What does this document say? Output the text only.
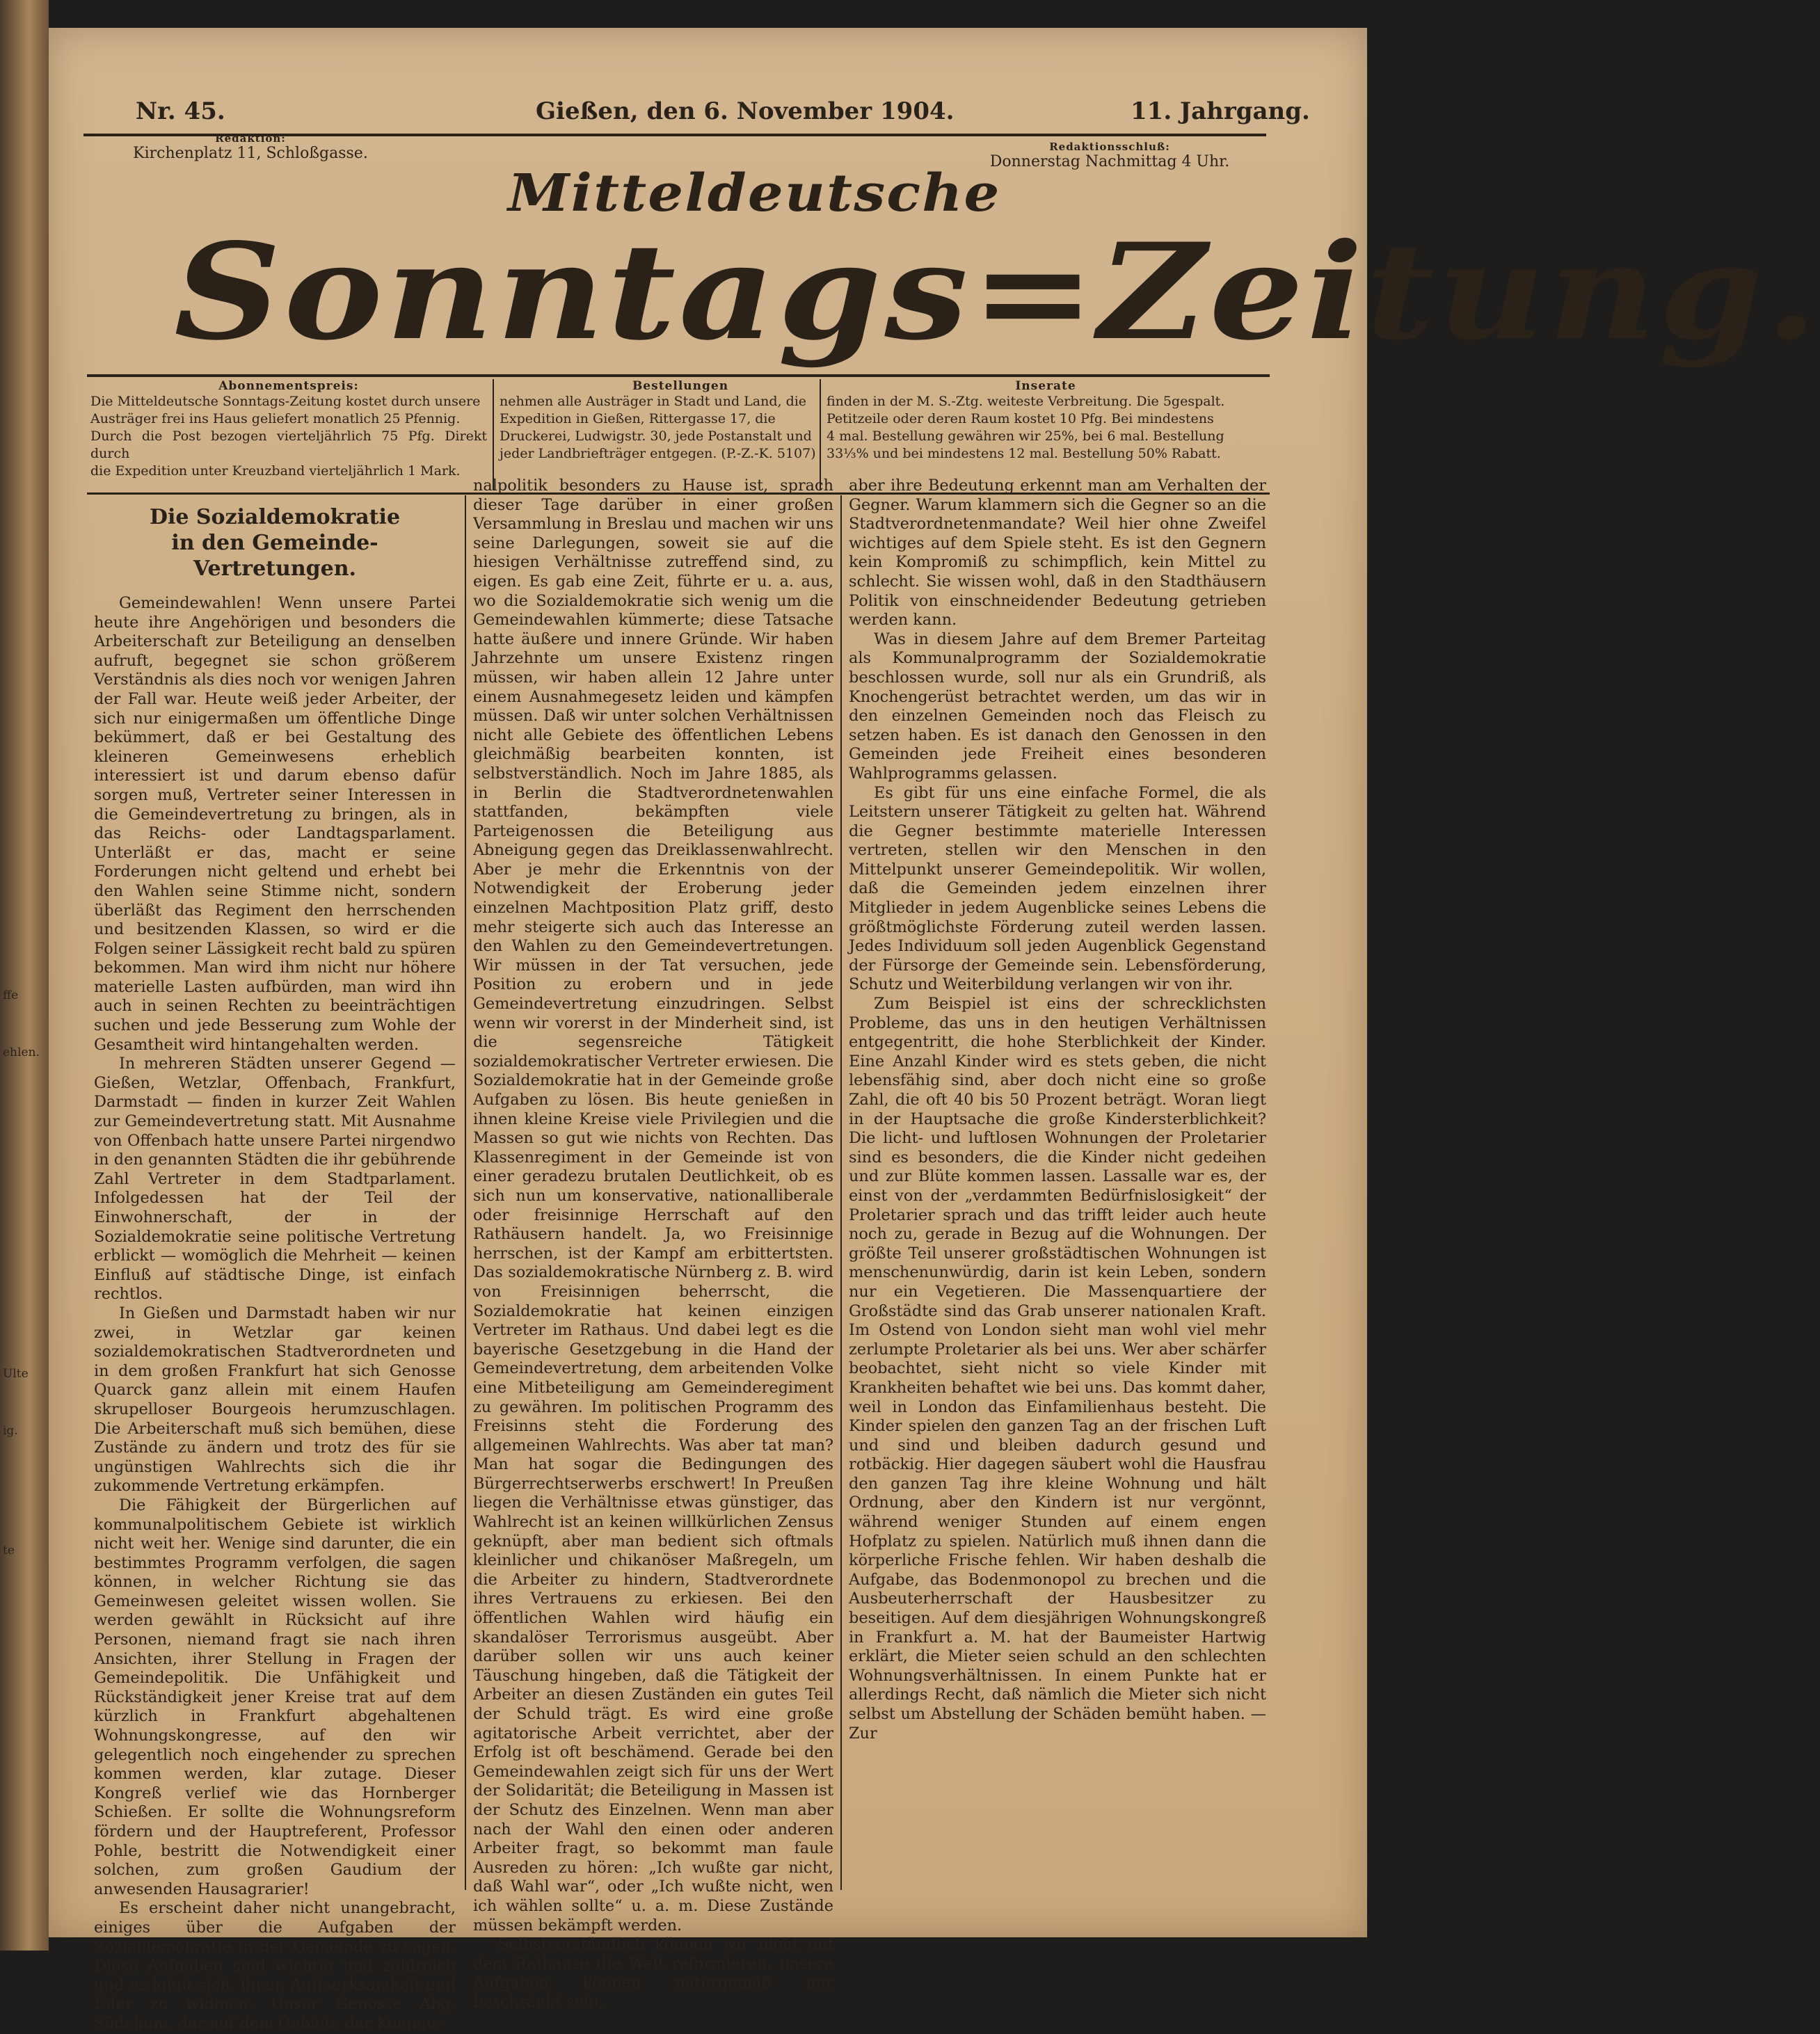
ffe
ehlen.
Ulte
ig.
te
Nr. 45.	Gießen, den 6. November 1904.	11. Jahrgang.
Redaktion:
Kirchenplatz 11, Schloßgasse.	Redaktionsschluß:
Donnerstag Nachmittag 4 Uhr.
Mitteldeutsche
Sonntags=Zeitung.
Abonnementspreis:
Die Mitteldeutsche Sonntags-Zeitung kostet durch unsere
Austräger frei ins Haus geliefert monatlich 25 Pfennig.
Durch die Post bezogen vierteljährlich 75 Pfg. Direkt durch
die Expedition unter Kreuzband vierteljährlich 1 Mark.
Bestellungen
nehmen alle Austräger in Stadt und Land, die
Expedition in Gießen, Rittergasse 17, die
Druckerei, Ludwigstr. 30, jede Postanstalt und
jeder Landbriefträger entgegen. (P.-Z.-K. 5107)
Inserate
finden in der M. S.-Ztg. weiteste Verbreitung. Die 5gespalt.
Petitzeile oder deren Raum kostet 10 Pfg. Bei mindestens
4 mal. Bestellung gewähren wir 25%, bei 6 mal. Bestellung
33⅓% und bei mindestens 12 mal. Bestellung 50% Rabatt.
Die Sozialdemokratie
in den Gemeinde-Vertretungen.

Gemeindewahlen! Wenn unsere Partei heute ihre Angehörigen und besonders die Arbeiterschaft zur Beteiligung an denselben aufruft, begegnet sie schon größerem Verständnis als dies noch vor wenigen Jahren der Fall war. Heute weiß jeder Arbeiter, der sich nur einigermaßen um öffentliche Dinge bekümmert, daß er bei Gestaltung des kleineren Gemeinwesens erheblich interessiert ist und darum ebenso dafür sorgen muß, Vertreter seiner Interessen in die Gemeindevertretung zu bringen, als in das Reichs- oder Landtagsparlament. Unterläßt er das, macht er seine Forderungen nicht geltend und erhebt bei den Wahlen seine Stimme nicht, sondern überläßt das Regiment den herrschenden und besitzenden Klassen, so wird er die Folgen seiner Lässigkeit recht bald zu spüren bekommen. Man wird ihm nicht nur höhere materielle Lasten aufbürden, man wird ihn auch in seinen Rechten zu beeinträchtigen suchen und jede Besserung zum Wohle der Gesamtheit wird hintangehalten werden.

In mehreren Städten unserer Gegend — Gießen, Wetzlar, Offenbach, Frankfurt, Darmstadt — finden in kurzer Zeit Wahlen zur Gemeindevertretung statt. Mit Ausnahme von Offenbach hatte unsere Partei nirgendwo in den genannten Städten die ihr gebührende Zahl Vertreter in dem Stadtparlament. Infolgedessen hat der Teil der Einwohnerschaft, der in der Sozialdemokratie seine politische Vertretung erblickt — womöglich die Mehrheit — keinen Einfluß auf städtische Dinge, ist einfach rechtlos.

In Gießen und Darmstadt haben wir nur zwei, in Wetzlar gar keinen sozialdemokratischen Stadtverordneten und in dem großen Frankfurt hat sich Genosse Quarck ganz allein mit einem Haufen skrupelloser Bourgeois herumzuschlagen. Die Arbeiterschaft muß sich bemühen, diese Zustände zu ändern und trotz des für sie ungünstigen Wahlrechts sich die ihr zukommende Vertretung erkämpfen.

Die Fähigkeit der Bürgerlichen auf kommunalpolitischem Gebiete ist wirklich nicht weit her. Wenige sind darunter, die ein bestimmtes Programm verfolgen, die sagen können, in welcher Richtung sie das Gemeinwesen geleitet wissen wollen. Sie werden gewählt in Rücksicht auf ihre Personen, niemand fragt sie nach ihren Ansichten, ihrer Stellung in Fragen der Gemeindepolitik. Die Unfähigkeit und Rückständigkeit jener Kreise trat auf dem kürzlich in Frankfurt abgehaltenen Wohnungskongresse, auf den wir gelegentlich noch eingehender zu sprechen kommen werden, klar zutage. Dieser Kongreß verlief wie das Hornberger Schießen. Er sollte die Wohnungsreform fördern und der Hauptreferent, Professor Pohle, bestritt die Notwendigkeit einer solchen, zum großen Gaudium der anwesenden Hausagrarier!

Es erscheint daher nicht unangebracht, einiges über die Aufgaben der Sozialdemokratie in der Gemeinde zu sagen. Diese Aufgaben sind wichtig und zahlreich und es lohnt sich, ihnen Aufmerksamkeit und Eifer zu widmen. Unser Genosse Abg. Südekum, der auf dem Gebiete der Kommu-

nalpolitik besonders zu Hause ist, sprach dieser Tage darüber in einer großen Versammlung in Breslau und machen wir uns seine Darlegungen, soweit sie auf die hiesigen Verhältnisse zutreffend sind, zu eigen. Es gab eine Zeit, führte er u. a. aus, wo die Sozialdemokratie sich wenig um die Gemeindewahlen kümmerte; diese Tatsache hatte äußere und innere Gründe. Wir haben Jahrzehnte um unsere Existenz ringen müssen, wir haben allein 12 Jahre unter einem Ausnahmegesetz leiden und kämpfen müssen. Daß wir unter solchen Verhältnissen nicht alle Gebiete des öffentlichen Lebens gleichmäßig bearbeiten konnten, ist selbstverständlich. Noch im Jahre 1885, als in Berlin die Stadtverordnetenwahlen stattfanden, bekämpften viele Parteigenossen die Beteiligung aus Abneigung gegen das Dreiklassenwahlrecht. Aber je mehr die Erkenntnis von der Notwendigkeit der Eroberung jeder einzelnen Machtposition Platz griff, desto mehr steigerte sich auch das Interesse an den Wahlen zu den Gemeindevertretungen. Wir müssen in der Tat versuchen, jede Position zu erobern und in jede Gemeindevertretung einzudringen. Selbst wenn wir vorerst in der Minderheit sind, ist die segensreiche Tätigkeit sozialdemokratischer Vertreter erwiesen. Die Sozialdemokratie hat in der Gemeinde große Aufgaben zu lösen. Bis heute genießen in ihnen kleine Kreise viele Privilegien und die Massen so gut wie nichts von Rechten. Das Klassenregiment in der Gemeinde ist von einer geradezu brutalen Deutlichkeit, ob es sich nun um konservative, nationalliberale oder freisinnige Herrschaft auf den Rathäusern handelt. Ja, wo Freisinnige herrschen, ist der Kampf am erbittertsten. Das sozialdemokratische Nürnberg z. B. wird von Freisinnigen beherrscht, die Sozialdemokratie hat keinen einzigen Vertreter im Rathaus. Und dabei legt es die bayerische Gesetzgebung in die Hand der Gemeindevertretung, dem arbeitenden Volke eine Mitbeteiligung am Gemeinderegiment zu gewähren. Im politischen Programm des Freisinns steht die Forderung des allgemeinen Wahlrechts. Was aber tat man? Man hat sogar die Bedingungen des Bürgerrechtserwerbs erschwert! In Preußen liegen die Verhältnisse etwas günstiger, das Wahlrecht ist an keinen willkürlichen Zensus geknüpft, aber man bedient sich oftmals kleinlicher und chikanöser Maßregeln, um die Arbeiter zu hindern, Stadtverordnete ihres Vertrauens zu erkiesen. Bei den öffentlichen Wahlen wird häufig ein skandalöser Terrorismus ausgeübt. Aber darüber sollen wir uns auch keiner Täuschung hingeben, daß die Tätigkeit der Arbeiter an diesen Zuständen ein gutes Teil der Schuld trägt. Es wird eine große agitatorische Arbeit verrichtet, aber der Erfolg ist oft beschämend. Gerade bei den Gemeindewahlen zeigt sich für uns der Wert der Solidarität; die Beteiligung in Massen ist der Schutz des Einzelnen. Wenn man aber nach der Wahl den einen oder anderen Arbeiter fragt, so bekommt man faule Ausreden zu hören: „Ich wußte gar nicht, daß Wahl war“, oder „Ich wußte nicht, wen ich wählen sollte“ u. a. m. Diese Zustände müssen bekämpft werden.

Selbstverständlich können wir nicht auf dem Rathause die Welt reformieren, unsere Aufgaben können naturgemäß nur beschränkt sein,

aber ihre Bedeutung erkennt man am Verhalten der Gegner. Warum klammern sich die Gegner so an die Stadtverordnetenmandate? Weil hier ohne Zweifel wichtiges auf dem Spiele steht. Es ist den Gegnern kein Kompromiß zu schimpflich, kein Mittel zu schlecht. Sie wissen wohl, daß in den Stadthäusern Politik von einschneidender Bedeutung getrieben werden kann.

Was in diesem Jahre auf dem Bremer Parteitag als Kommunalprogramm der Sozialdemokratie beschlossen wurde, soll nur als ein Grundriß, als Knochengerüst betrachtet werden, um das wir in den einzelnen Gemeinden noch das Fleisch zu setzen haben. Es ist danach den Genossen in den Gemeinden jede Freiheit eines besonderen Wahlprogramms gelassen.

Es gibt für uns eine einfache Formel, die als Leitstern unserer Tätigkeit zu gelten hat. Während die Gegner bestimmte materielle Interessen vertreten, stellen wir den Menschen in den Mittelpunkt unserer Gemeindepolitik. Wir wollen, daß die Gemeinden jedem einzelnen ihrer Mitglieder in jedem Augenblicke seines Lebens die größtmöglichste Förderung zuteil werden lassen. Jedes Individuum soll jeden Augenblick Gegenstand der Fürsorge der Gemeinde sein. Lebensförderung, Schutz und Weiterbildung verlangen wir von ihr.

Zum Beispiel ist eins der schrecklichsten Probleme, das uns in den heutigen Verhältnissen entgegentritt, die hohe Sterblichkeit der Kinder. Eine Anzahl Kinder wird es stets geben, die nicht lebensfähig sind, aber doch nicht eine so große Zahl, die oft 40 bis 50 Prozent beträgt. Woran liegt in der Hauptsache die große Kindersterblichkeit? Die licht- und luftlosen Wohnungen der Proletarier sind es besonders, die die Kinder nicht gedeihen und zur Blüte kommen lassen. Lassalle war es, der einst von der „verdammten Bedürfnislosigkeit“ der Proletarier sprach und das trifft leider auch heute noch zu, gerade in Bezug auf die Wohnungen. Der größte Teil unserer großstädtischen Wohnungen ist menschenunwürdig, darin ist kein Leben, sondern nur ein Vegetieren. Die Massenquartiere der Großstädte sind das Grab unserer nationalen Kraft. Im Ostend von London sieht man wohl viel mehr zerlumpte Proletarier als bei uns. Wer aber schärfer beobachtet, sieht nicht so viele Kinder mit Krankheiten behaftet wie bei uns. Das kommt daher, weil in London das Einfamilienhaus besteht. Die Kinder spielen den ganzen Tag an der frischen Luft und sind und bleiben dadurch gesund und rotbäckig. Hier dagegen säubert wohl die Hausfrau den ganzen Tag ihre kleine Wohnung und hält Ordnung, aber den Kindern ist nur vergönnt, während weniger Stunden auf einem engen Hofplatz zu spielen. Natürlich muß ihnen dann die körperliche Frische fehlen. Wir haben deshalb die Aufgabe, das Bodenmonopol zu brechen und die Ausbeuterherrschaft der Hausbesitzer zu beseitigen. Auf dem diesjährigen Wohnungskongreß in Frankfurt a. M. hat der Baumeister Hartwig erklärt, die Mieter seien schuld an den schlechten Wohnungsverhältnissen. In einem Punkte hat er allerdings Recht, daß nämlich die Mieter sich nicht selbst um Abstellung der Schäden bemüht haben. — Zur
